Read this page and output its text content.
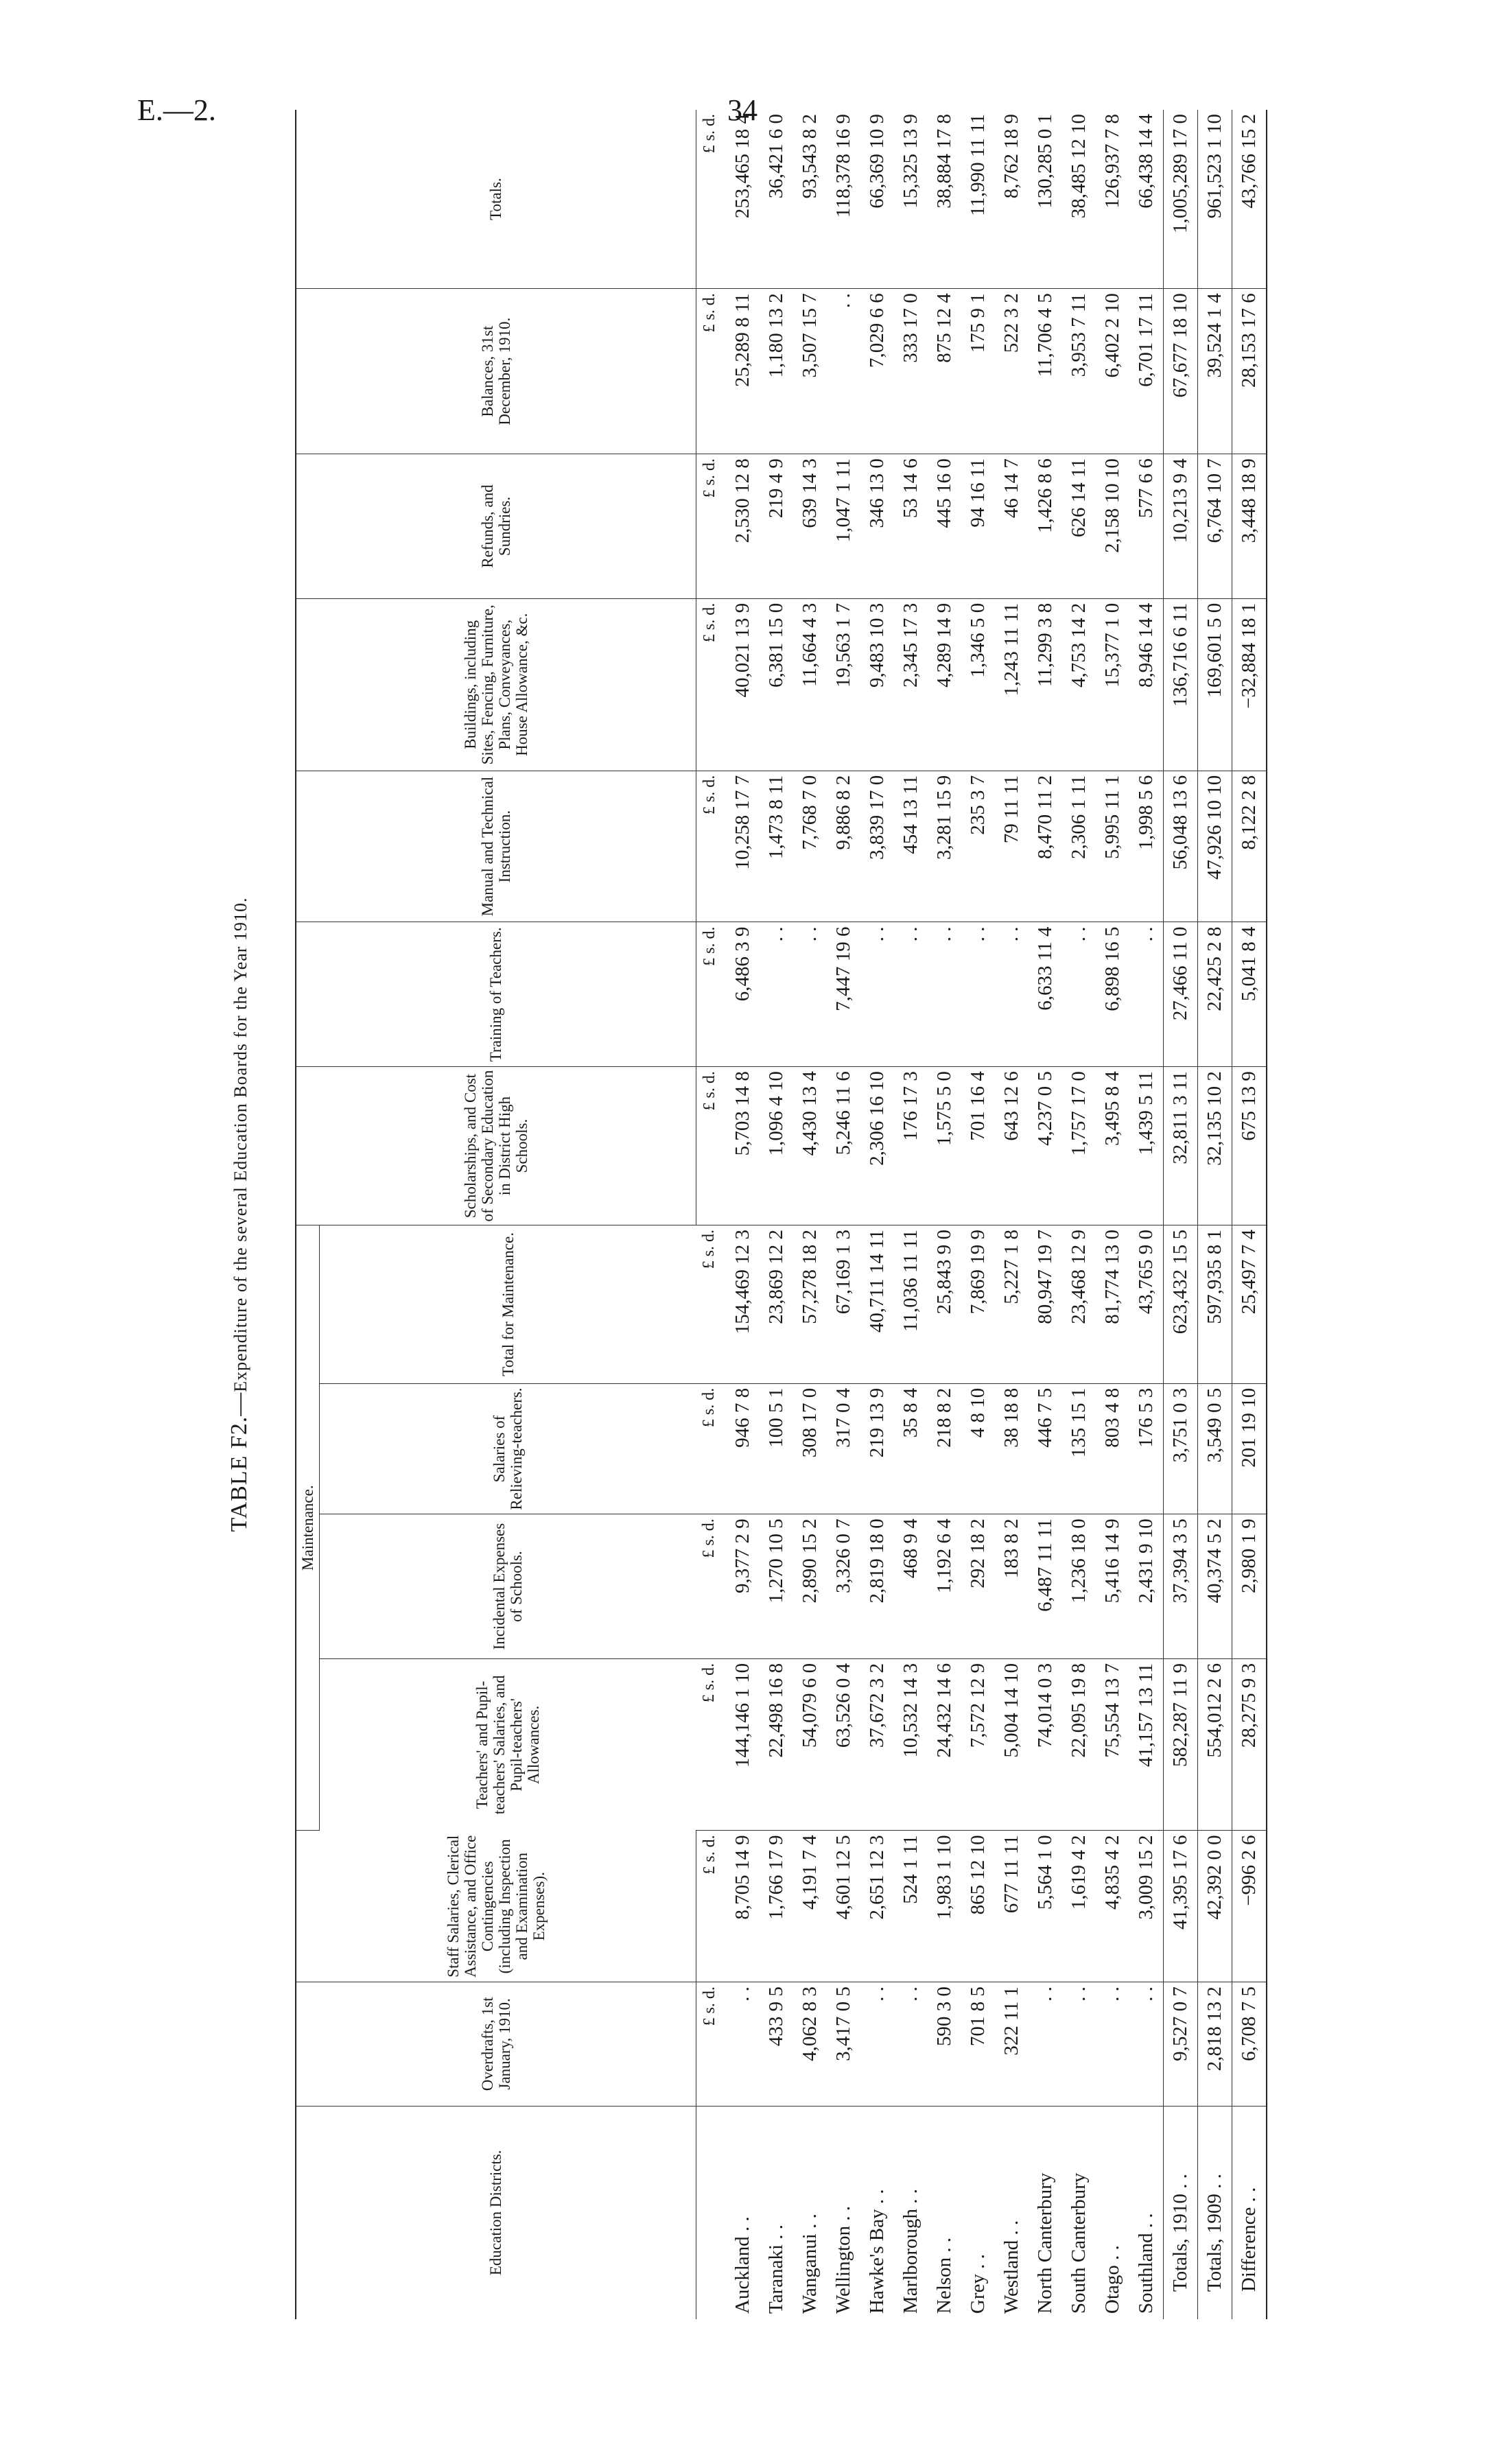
E.—2.	34
TABLE F2.—Expenditure of the several Education Boards for the Year 1910.
Education Districts.	Overdrafts, 1st January, 1910.	Staff Salaries, Clerical Assistance, and Office Contingencies (including Inspection and Examination Expenses).	Maintenance.				Scholarships, and Cost of Secondary Education in District High Schools.	Training of Teachers.	Manual and Technical Instruction.	Buildings, including Sites, Fencing, Furniture, Plans, Conveyances, House Allowance, &c.	Refunds, and Sundries.	Balances, 31st December, 1910.	Totals.
			Teachers' and Pupil-teachers' Salaries, and Pupil-teachers' Allowances.	Incidental Expenses of Schools.	Salaries of Relieving-teachers.	Total for Maintenance.							
	£ s. d.	£ s. d.	£ s. d.	£ s. d.	£ s. d.	£ s. d.	£ s. d.	£ s. d.	£ s. d.	£ s. d.	£ s. d.	£ s. d.	£ s. d.
Auckland . .	. .	8,705 14 9	144,146 1 10	9,377 2 9	946 7 8	154,469 12 3	5,703 14 8	6,486 3 9	10,258 17 7	40,021 13 9	2,530 12 8	25,289 8 11	253,465 18 4
Taranaki . .	433 9 5	1,766 17 9	22,498 16 8	1,270 10 5	100 5 1	23,869 12 2	1,096 4 10	. .	1,473 8 11	6,381 15 0	219 4 9	1,180 13 2	36,421 6 0
Wanganui . .	4,062 8 3	4,191 7 4	54,079 6 0	2,890 15 2	308 17 0	57,278 18 2	4,430 13 4	. .	7,768 7 0	11,664 4 3	639 14 3	3,507 15 7	93,543 8 2
Wellington . .	3,417 0 5	4,601 12 5	63,526 0 4	3,326 0 7	317 0 4	67,169 1 3	5,246 11 6	7,447 19 6	9,886 8 2	19,563 1 7	1,047 1 11	. .	118,378 16 9
Hawke's Bay . .	. .	2,651 12 3	37,672 3 2	2,819 18 0	219 13 9	40,711 14 11	2,306 16 10	. .	3,839 17 0	9,483 10 3	346 13 0	7,029 6 6	66,369 10 9
Marlborough . .	. .	524 1 11	10,532 14 3	468 9 4	35 8 4	11,036 11 11	176 17 3	. .	454 13 11	2,345 17 3	53 14 6	333 17 0	15,325 13 9
Nelson . .	590 3 0	1,983 1 10	24,432 14 6	1,192 6 4	218 8 2	25,843 9 0	1,575 5 0	. .	3,281 15 9	4,289 14 9	445 16 0	875 12 4	38,884 17 8
Grey . .	701 8 5	865 12 10	7,572 12 9	292 18 2	4 8 10	7,869 19 9	701 16 4	. .	235 3 7	1,346 5 0	94 16 11	175 9 1	11,990 11 11
Westland . .	322 11 1	677 11 11	5,004 14 10	183 8 2	38 18 8	5,227 1 8	643 12 6	. .	79 11 11	1,243 11 11	46 14 7	522 3 2	8,762 18 9
North Canterbury	. .	5,564 1 0	74,014 0 3	6,487 11 11	446 7 5	80,947 19 7	4,237 0 5	6,633 11 4	8,470 11 2	11,299 3 8	1,426 8 6	11,706 4 5	130,285 0 1
South Canterbury	. .	1,619 4 2	22,095 19 8	1,236 18 0	135 15 1	23,468 12 9	1,757 17 0	. .	2,306 1 11	4,753 14 2	626 14 11	3,953 7 11	38,485 12 10
Otago . .	. .	4,835 4 2	75,554 13 7	5,416 14 9	803 4 8	81,774 13 0	3,495 8 4	6,898 16 5	5,995 11 1	15,377 1 0	2,158 10 10	6,402 2 10	126,937 7 8
Southland . .	. .	3,009 15 2	41,157 13 11	2,431 9 10	176 5 3	43,765 9 0	1,439 5 11	. .	1,998 5 6	8,946 14 4	577 6 6	6,701 17 11	66,438 14 4
Totals, 1910 . .	9,527 0 7	41,395 17 6	582,287 11 9	37,394 3 5	3,751 0 3	623,432 15 5	32,811 3 11	27,466 11 0	56,048 13 6	136,716 6 11	10,213 9 4	67,677 18 10	1,005,289 17 0
Totals, 1909 . .	2,818 13 2	42,392 0 0	554,012 2 6	40,374 5 2	3,549 0 5	597,935 8 1	32,135 10 2	22,425 2 8	47,926 10 10	169,601 5 0	6,764 10 7	39,524 1 4	961,523 1 10
Difference . .	6,708 7 5	−996 2 6	28,275 9 3	2,980 1 9	201 19 10	25,497 7 4	675 13 9	5,041 8 4	8,122 2 8	−32,884 18 1	3,448 18 9	28,153 17 6	43,766 15 2
